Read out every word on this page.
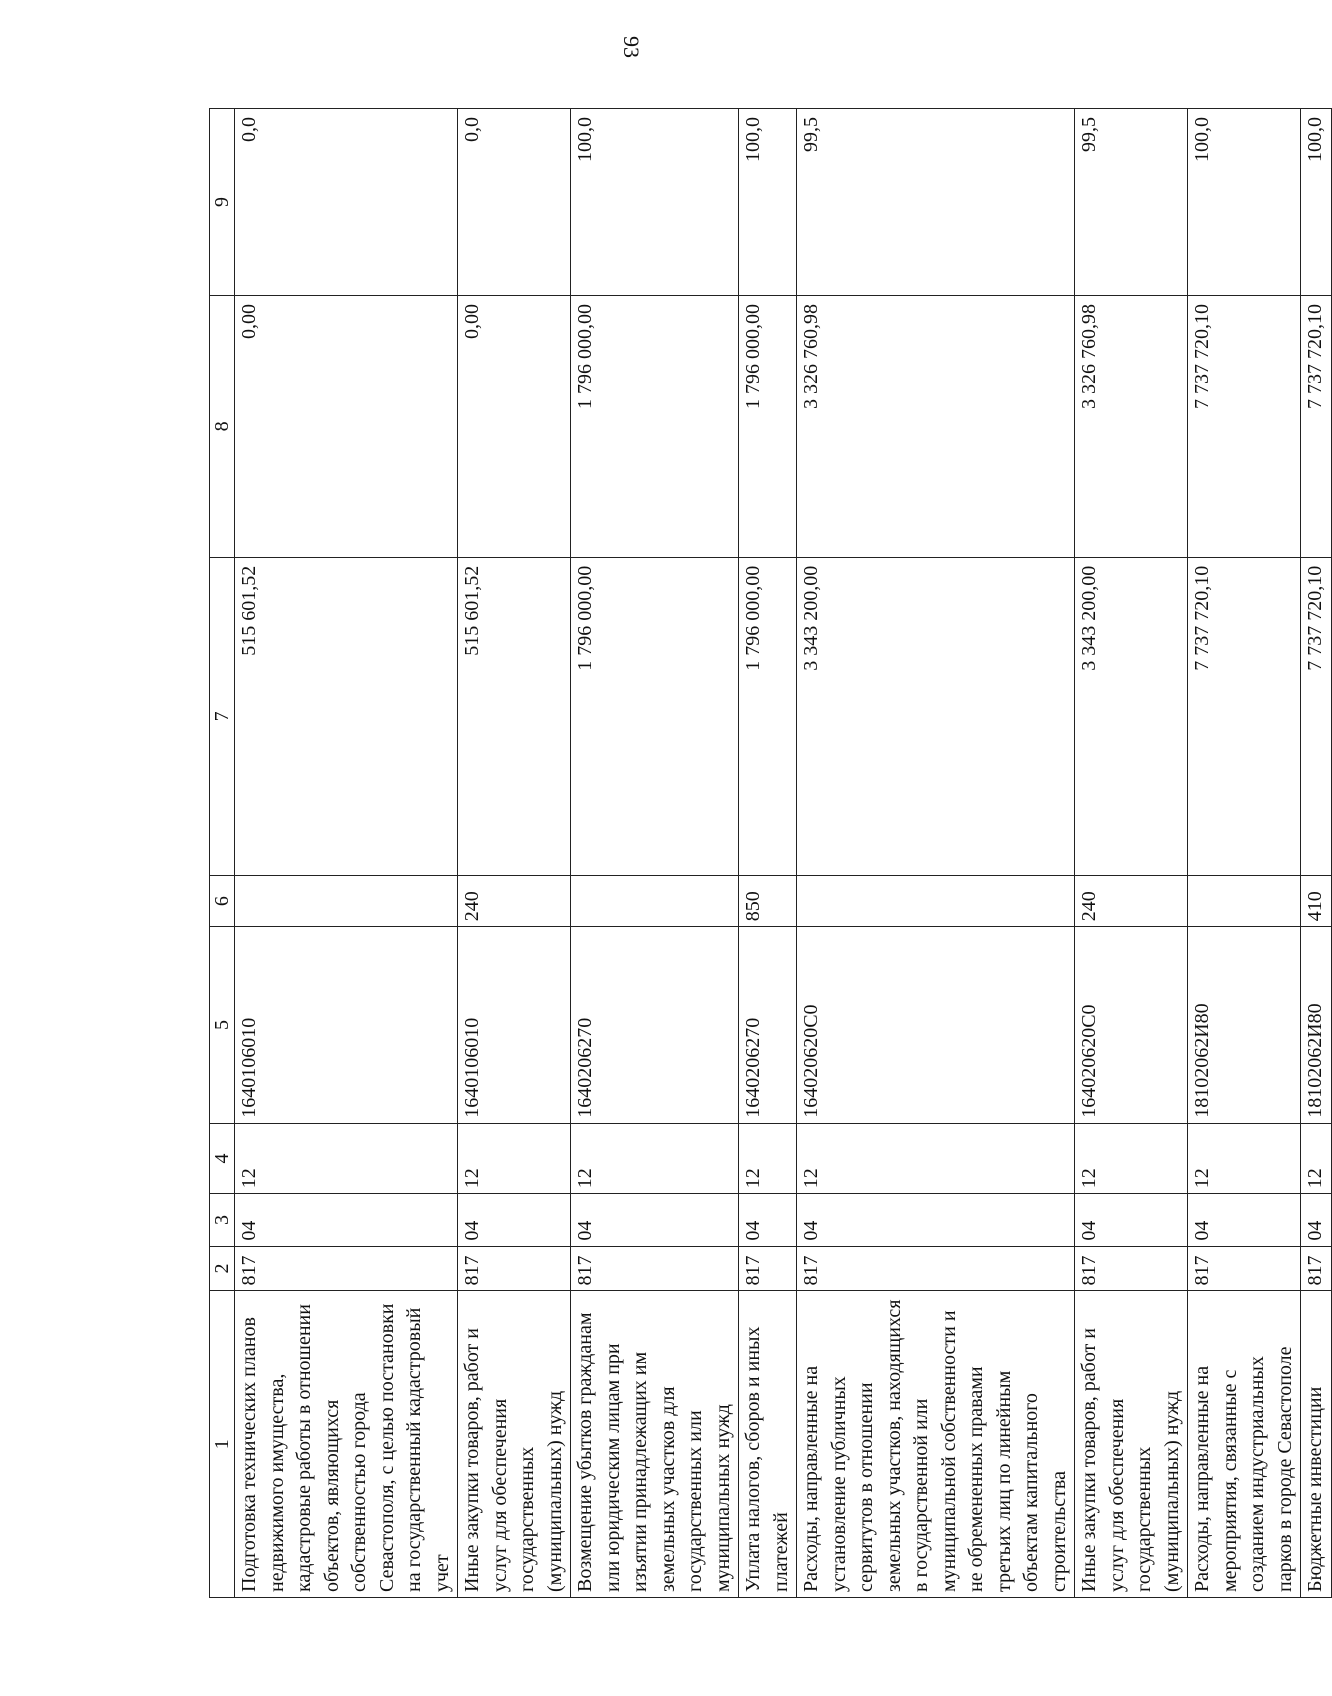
93
1	2	3	4	5	6	7	8	9
Подготовка технических планов недвижимого имущества, кадастровые работы в отношении объектов, являющихся собственностью города Севастополя, с целью постановки на государственный кадастровый учет	817	04	12	1640106010		515 601,52	0,00	0,0
Иные закупки товаров, работ и услуг для обеспечения государственных (муниципальных) нужд	817	04	12	1640106010	240	515 601,52	0,00	0,0
Возмещение убытков гражданам или юридическим лицам при изъятии принадлежащих им земельных участков для государственных или муниципальных нужд	817	04	12	1640206270		1 796 000,00	1 796 000,00	100,0
Уплата налогов, сборов и иных платежей	817	04	12	1640206270	850	1 796 000,00	1 796 000,00	100,0
Расходы, направленные на установление публичных сервитутов в отношении земельных участков, находящихся в государственной или муниципальной собственности и не обремененных правами третьих лиц по линейным объектам капитального строительства	817	04	12	164020620С0		3 343 200,00	3 326 760,98	99,5
Иные закупки товаров, работ и услуг для обеспечения государственных (муниципальных) нужд	817	04	12	164020620С0	240	3 343 200,00	3 326 760,98	99,5
Расходы, направленные на мероприятия, связанные с созданием индустриальных парков в городе Севастополе	817	04	12	18102062И80		7 737 720,10	7 737 720,10	100,0
Бюджетные инвестиции	817	04	12	18102062И80	410	7 737 720,10	7 737 720,10	100,0
